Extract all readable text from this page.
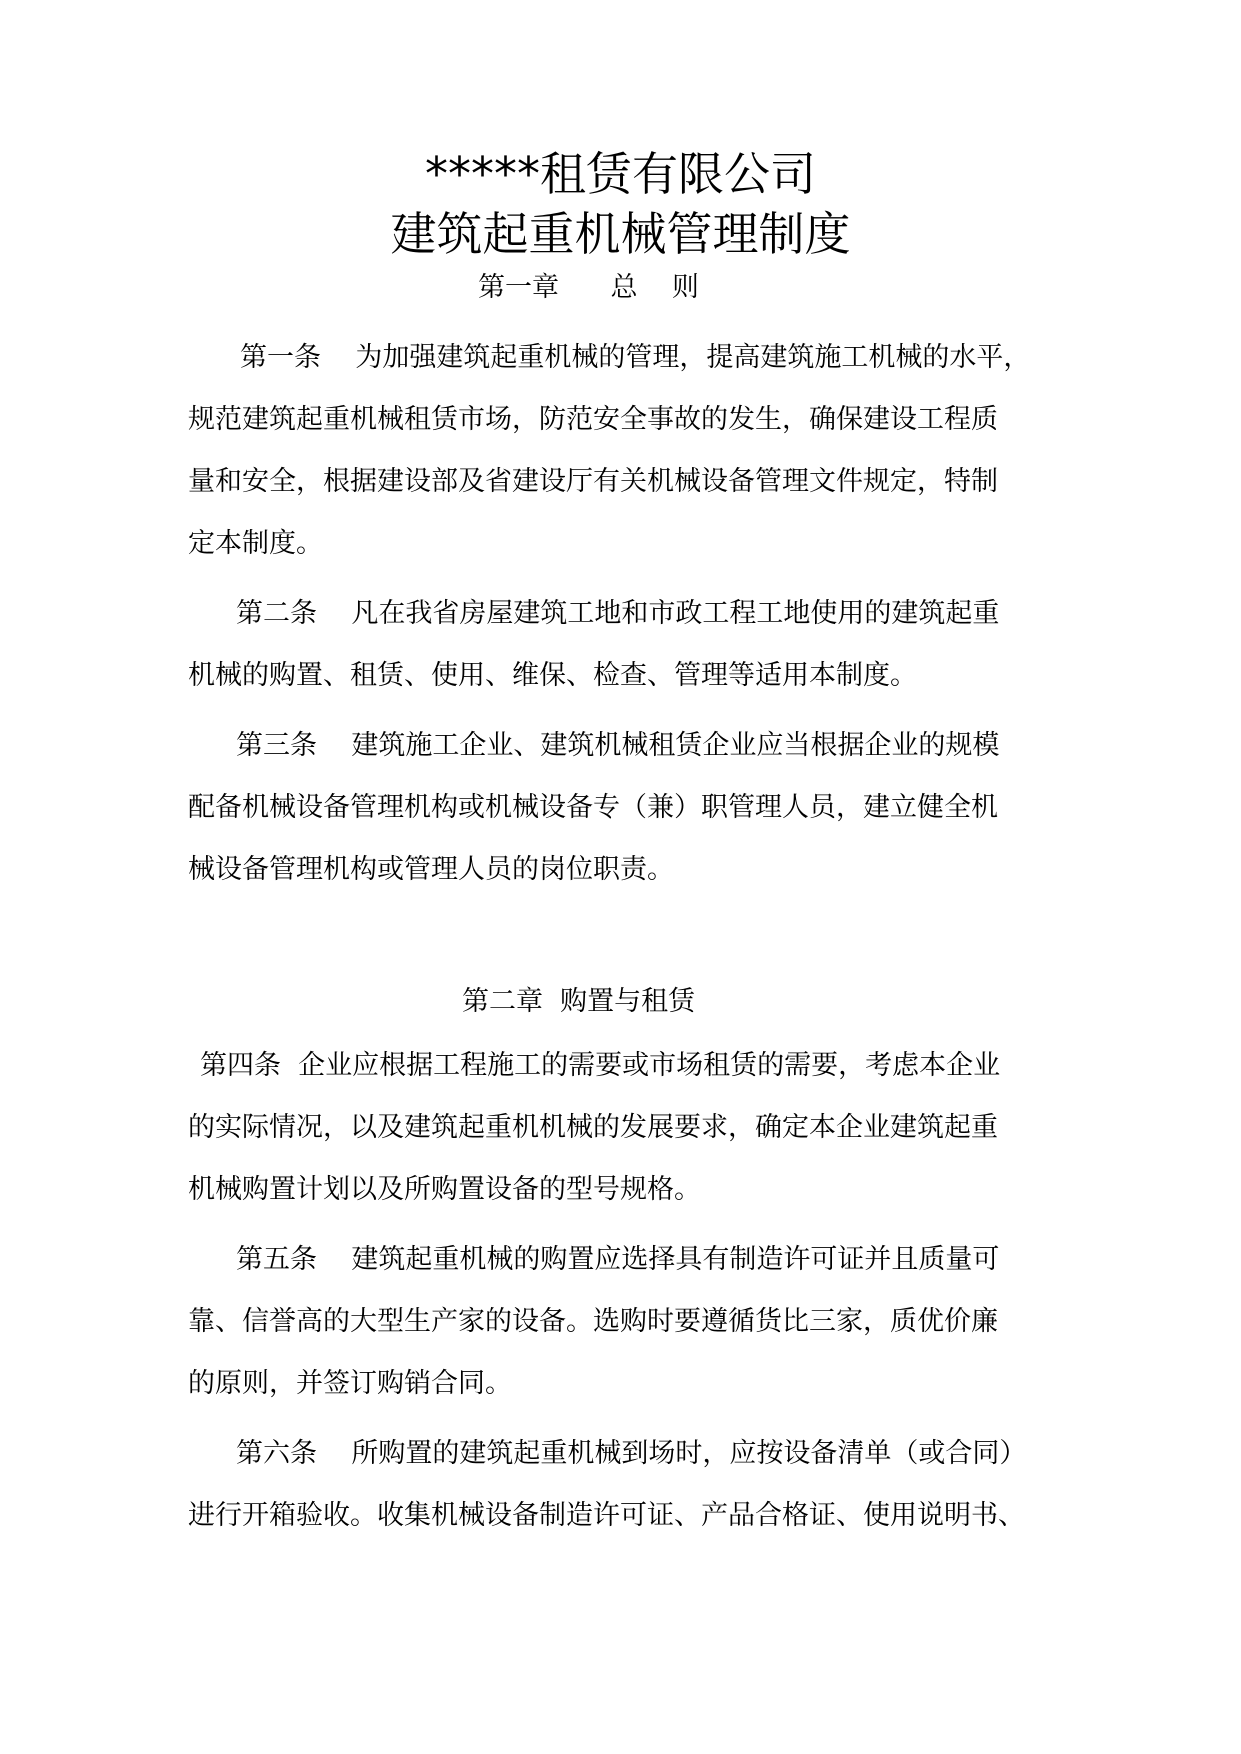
*****租赁有限公司
建筑起重机械管理制度
第一章      总    则
第一条    为加强建筑起重机械的管理，提高建筑施工机械的水平，
规范建筑起重机械租赁市场，防范安全事故的发生，确保建设工程质
量和安全，根据建设部及省建设厅有关机械设备管理文件规定，特制
定本制度。
第二条    凡在我省房屋建筑工地和市政工程工地使用的建筑起重
机械的购置、租赁、使用、维保、检查、管理等适用本制度。
第三条    建筑施工企业、建筑机械租赁企业应当根据企业的规模
配备机械设备管理机构或机械设备专（兼）职管理人员，建立健全机
械设备管理机构或管理人员的岗位职责。
第二章  购置与租赁
第四条  企业应根据工程施工的需要或市场租赁的需要，考虑本企业
的实际情况，以及建筑起重机机械的发展要求，确定本企业建筑起重
机械购置计划以及所购置设备的型号规格。
第五条    建筑起重机械的购置应选择具有制造许可证并且质量可
靠、信誉高的大型生产家的设备。选购时要遵循货比三家，质优价廉
的原则，并签订购销合同。
第六条    所购置的建筑起重机械到场时，应按设备清单（或合同）
进行开箱验收。收集机械设备制造许可证、产品合格证、使用说明书、
